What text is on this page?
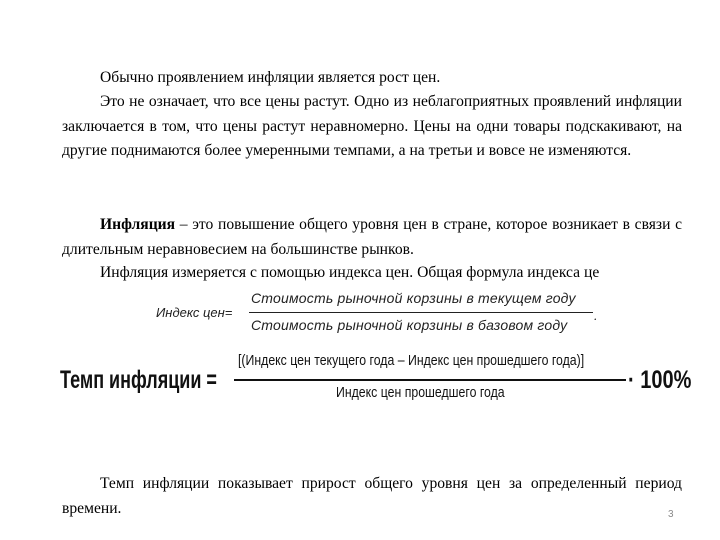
Обычно проявлением инфляции является рост цен.

Это не означает, что все цены растут. Одно из неблагоприятных проявлений инфляции заключается в том, что цены растут неравномерно. Цены на одни товары подскакивают, на другие поднимаются более умеренными темпами, а на третьи и вовсе не изменяются.

Инфляция – это повышение общего уровня цен в стране, которое возникает в связи с длительным неравновесием на большинстве рынков.

Инфляция измеряется с помощью индекса цен. Общая формула индекса це

Индекс цен=
Стоимость рыночной корзины в текущем году
Стоимость рыночной корзины в базовом году
.
Темп инфляции =
[(Индекс цен текущего года – Индекс цен прошедшего года)]
Индекс цен прошедшего года	· 100%

Темп инфляции показывает прирост общего уровня цен за определенный период времени.	3
